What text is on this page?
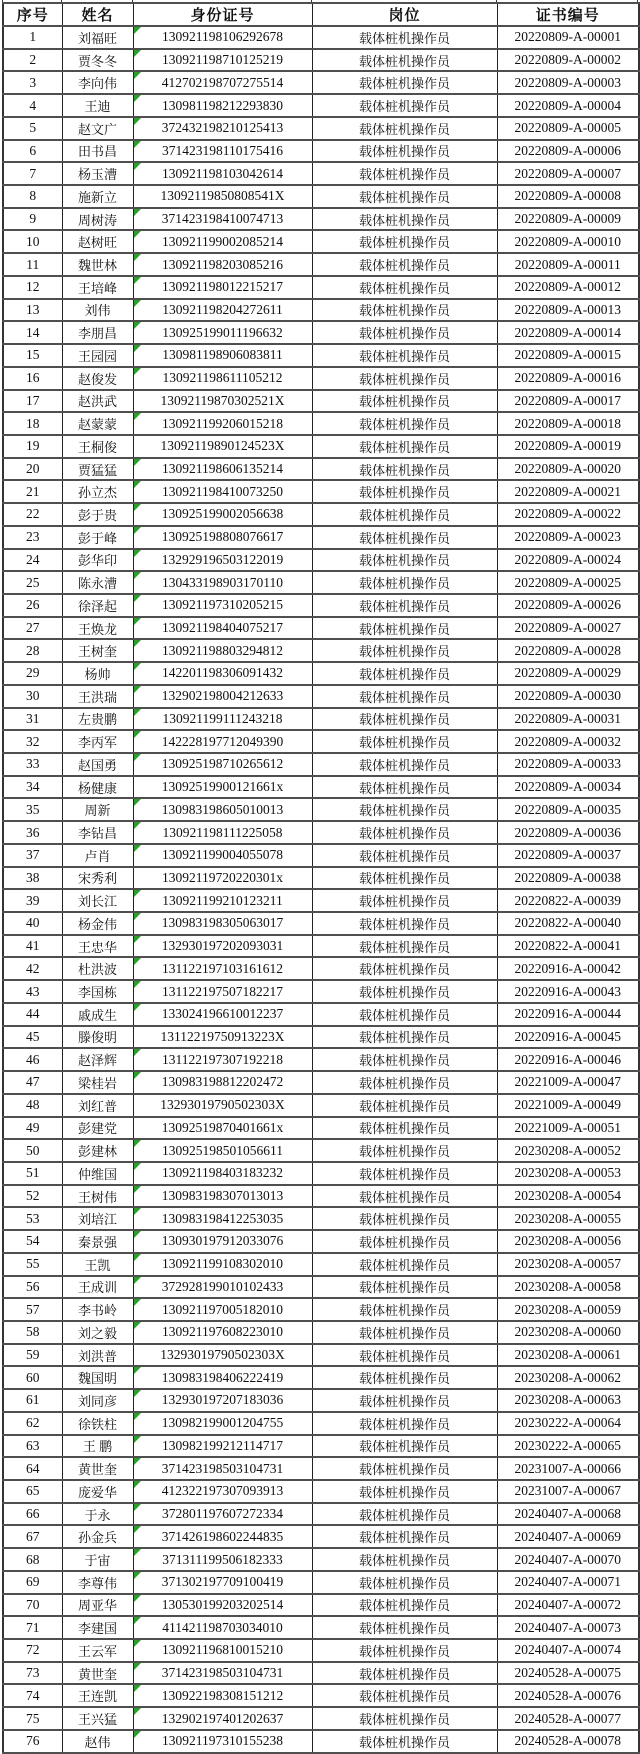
序号	姓名	身份证号	岗位	证书编号
1	刘福旺	130921198106292678	载体桩机操作员	20220809-A-00001
2	贾冬冬	130921198710125219	载体桩机操作员	20220809-A-00002
3	李向伟	412702198707275514	载体桩机操作员	20220809-A-00003
4	王迪	130981198212293830	载体桩机操作员	20220809-A-00004
5	赵文广	372432198210125413	载体桩机操作员	20220809-A-00005
6	田书昌	371423198110175416	载体桩机操作员	20220809-A-00006
7	杨玉漕	130921198103042614	载体桩机操作员	20220809-A-00007
8	施新立	13092119850808541X	载体桩机操作员	20220809-A-00008
9	周树涛	371423198410074713	载体桩机操作员	20220809-A-00009
10	赵树旺	130921199002085214	载体桩机操作员	20220809-A-00010
11	魏世林	130921198203085216	载体桩机操作员	20220809-A-00011
12	王培峰	130921198012215217	载体桩机操作员	20220809-A-00012
13	刘伟	130921198204272611	载体桩机操作员	20220809-A-00013
14	李朋昌	130925199011196632	载体桩机操作员	20220809-A-00014
15	王园园	130981198906083811	载体桩机操作员	20220809-A-00015
16	赵俊发	130921198611105212	载体桩机操作员	20220809-A-00016
17	赵洪武	13092119870302521X	载体桩机操作员	20220809-A-00017
18	赵蒙蒙	130921199206015218	载体桩机操作员	20220809-A-00018
19	王桐俊	13092119890124523X	载体桩机操作员	20220809-A-00019
20	贾猛猛	130921198606135214	载体桩机操作员	20220809-A-00020
21	孙立杰	130921198410073250	载体桩机操作员	20220809-A-00021
22	彭于贵	130925199002056638	载体桩机操作员	20220809-A-00022
23	彭于峰	130925198808076617	载体桩机操作员	20220809-A-00023
24	彭华印	132929196503122019	载体桩机操作员	20220809-A-00024
25	陈永漕	130433198903170110	载体桩机操作员	20220809-A-00025
26	徐泽起	130921197310205215	载体桩机操作员	20220809-A-00026
27	王焕龙	130921198404075217	载体桩机操作员	20220809-A-00027
28	王树奎	130921198803294812	载体桩机操作员	20220809-A-00028
29	杨帅	142201198306091432	载体桩机操作员	20220809-A-00029
30	王洪瑞	132902198004212633	载体桩机操作员	20220809-A-00030
31	左贵鹏	130921199111243218	载体桩机操作员	20220809-A-00031
32	李丙军	142228197712049390	载体桩机操作员	20220809-A-00032
33	赵国勇	130925198710265612	载体桩机操作员	20220809-A-00033
34	杨健康	13092519900121661x	载体桩机操作员	20220809-A-00034
35	周新	130983198605010013	载体桩机操作员	20220809-A-00035
36	李钻昌	130921198111225058	载体桩机操作员	20220809-A-00036
37	卢肖	130921199004055078	载体桩机操作员	20220809-A-00037
38	宋秀利	13092119720220301x	载体桩机操作员	20220809-A-00038
39	刘长江	130921199210123211	载体桩机操作员	20220822-A-00039
40	杨金伟	130983198305063017	载体桩机操作员	20220822-A-00040
41	王忠华	132930197202093031	载体桩机操作员	20220822-A-00041
42	杜洪波	131122197103161612	载体桩机操作员	20220916-A-00042
43	李国栋	131122197507182217	载体桩机操作员	20220916-A-00043
44	戚成生	133024196610012237	载体桩机操作员	20220916-A-00044
45	滕俊明	13112219750913223X	载体桩机操作员	20220916-A-00045
46	赵泽辉	131122197307192218	载体桩机操作员	20220916-A-00046
47	梁桂岩	130983198812202472	载体桩机操作员	20221009-A-00047
48	刘红普	13293019790502303X	载体桩机操作员	20221009-A-00049
49	彭建党	13092519870401661x	载体桩机操作员	20221009-A-00051
50	彭建林	130925198501056611	载体桩机操作员	20230208-A-00052
51	仲维国	130921198403183232	载体桩机操作员	20230208-A-00053
52	王树伟	130983198307013013	载体桩机操作员	20230208-A-00054
53	刘培江	130983198412253035	载体桩机操作员	20230208-A-00055
54	秦景强	130930197912033076	载体桩机操作员	20230208-A-00056
55	王凯	130921199108302010	载体桩机操作员	20230208-A-00057
56	王成训	372928199010102433	载体桩机操作员	20230208-A-00058
57	李书岭	130921197005182010	载体桩机操作员	20230208-A-00059
58	刘之毅	130921197608223010	载体桩机操作员	20230208-A-00060
59	刘洪普	13293019790502303X	载体桩机操作员	20230208-A-00061
60	魏国明	130983198406222419	载体桩机操作员	20230208-A-00062
61	刘同彦	132930197207183036	载体桩机操作员	20230208-A-00063
62	徐铁柱	130982199001204755	载体桩机操作员	20230222-A-00064
63	王 鹏	130982199212114717	载体桩机操作员	20230222-A-00065
64	黄世奎	371423198503104731	载体桩机操作员	20231007-A-00066
65	庞爱华	412322197307093913	载体桩机操作员	20231007-A-00067
66	于永	372801197607272334	载体桩机操作员	20240407-A-00068
67	孙金兵	371426198602244835	载体桩机操作员	20240407-A-00069
68	于宙	371311199506182333	载体桩机操作员	20240407-A-00070
69	李尊伟	371302197709100419	载体桩机操作员	20240407-A-00071
70	周亚华	130530199203202514	载体桩机操作员	20240407-A-00072
71	李建国	411421198703034010	载体桩机操作员	20240407-A-00073
72	王云军	130921196810015210	载体桩机操作员	20240407-A-00074
73	黄世奎	371423198503104731	载体桩机操作员	20240528-A-00075
74	王连凯	130922198308151212	载体桩机操作员	20240528-A-00076
75	王兴猛	132902197401202637	载体桩机操作员	20240528-A-00077
76	赵伟	130921197310155238	载体桩机操作员	20240528-A-00078
